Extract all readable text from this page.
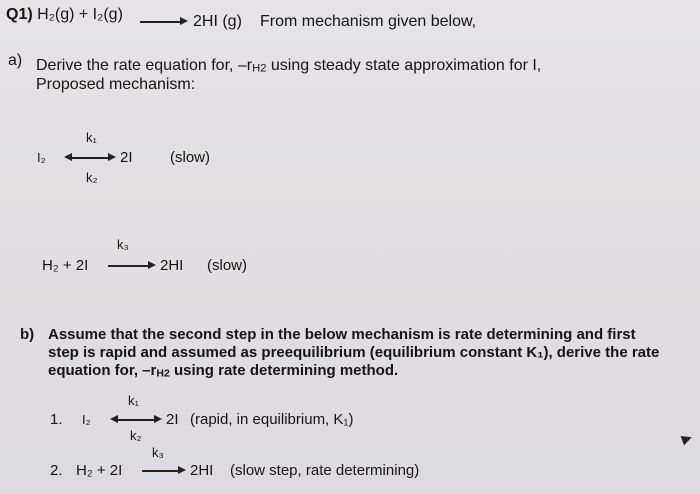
Q1) H₂(g) + I₂(g)	2HI (g) From mechanism given below,
a) Derive the rate equation for, $-r_{H2}$ using steady state approximation for I,
Proposed mechanism:
k₁
I₂	2I (slow)
k₂
k₃
H₂ + 2I	2HI (slow)
b) Assume that the second step in the below mechanism is rate determining and first
step is rapid and assumed as preequilibrium (equilibrium constant K₁), derive the rate
equation for, $-r_{H2}$ using rate determining method.
k₁
1. I₂	2I (rapid, in equilibrium, K₁)
k₂
k₃
2. H₂ + 2I	2HI (slow step, rate determining)
